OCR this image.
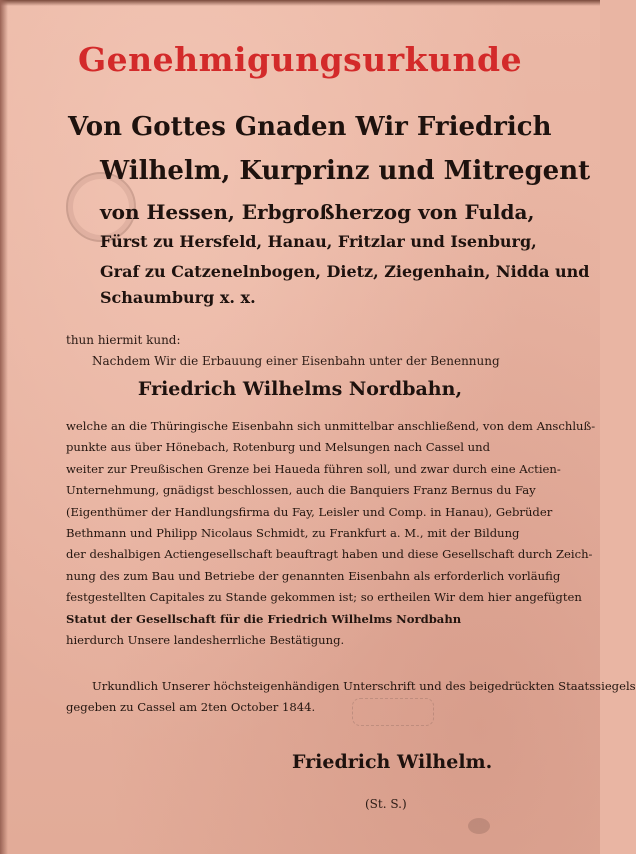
Genehmigungsurkunde
Von Gottes Gnaden Wir Friedrich
Wilhelm, Kurprinz und Mitregent
von Hessen, Erbgroßherzog von Fulda,
Fürst zu Hersfeld, Hanau, Fritzlar und Isenburg,
Graf zu Catzenelnbogen, Dietz, Ziegenhain, Nidda und
Schaumburg x. x.
thun hiermit kund:
Nachdem Wir die Erbauung einer Eisenbahn unter der Benennung
Friedrich Wilhelms Nordbahn,
welche an die Thüringische Eisenbahn sich unmittelbar anschließend, von dem Anschluß-
punkte aus über Hönebach, Rotenburg und Melsungen nach Cassel und
weiter zur Preußischen Grenze bei Haueda führen soll, und zwar durch eine Actien-
Unternehmung, gnädigst beschlossen, auch die Banquiers Franz Bernus du Fay
(Eigenthümer der Handlungsfirma du Fay, Leisler und Comp. in Hanau), Gebrüder
Bethmann und Philipp Nicolaus Schmidt, zu Frankfurt a. M., mit der Bildung
der deshalbigen Actiengesellschaft beauftragt haben und diese Gesellschaft durch Zeich-
nung des zum Bau und Betriebe der genannten Eisenbahn als erforderlich vorläufig
festgestellten Capitales zu Stande gekommen ist; so ertheilen Wir dem hier angefügten
Statut der Gesellschaft für die Friedrich Wilhelms Nordbahn
hierdurch Unsere landesherrliche Bestätigung.
Urkundlich Unserer höchsteigenhändigen Unterschrift und des beigedrückten Staatssiegels
gegeben zu Cassel am 2ten October 1844.
Friedrich Wilhelm.
(St. S.)
